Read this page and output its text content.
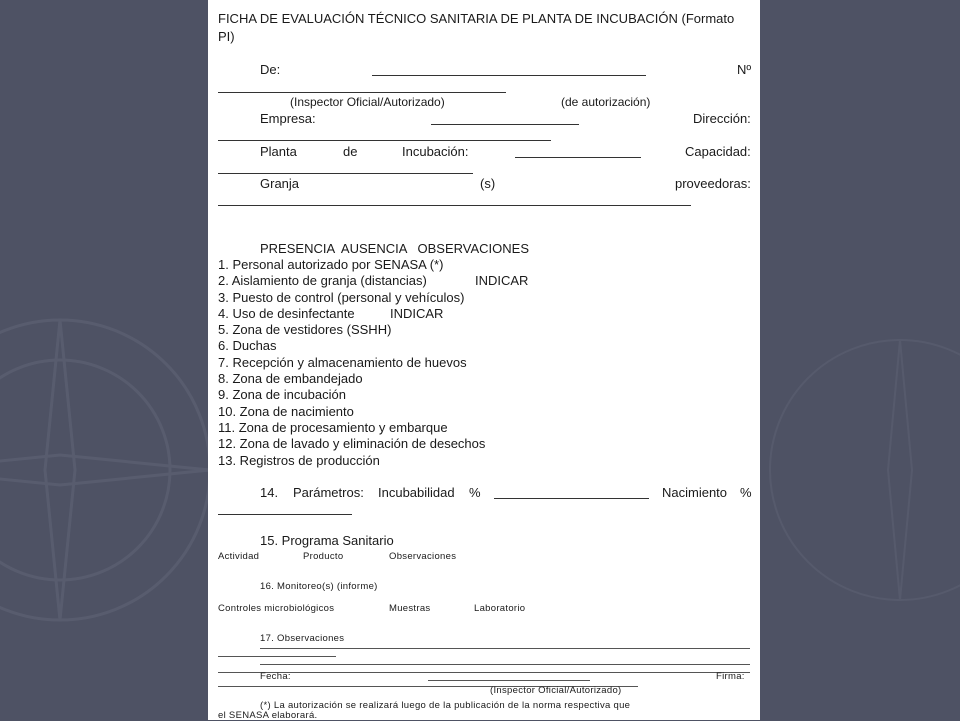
FICHA DE EVALUACIÓN TÉCNICO SANITARIA DE PLANTA DE INCUBACIÓN (Formato
PI)
De:	Nº
(Inspector Oficial/Autorizado)	(de autorización)
Empresa:	Dirección:
Planta	de	Incubación:	Capacidad:
Granja	(s)	proveedoras:
PRESENCIA  AUSENCIA   OBSERVACIONES
1. Personal autorizado por SENASA (*)
2. Aislamiento de granja (distancias)	INDICAR
3. Puesto de control (personal y vehículos)
4. Uso de desinfectante	INDICAR
5. Zona de vestidores (SSHH)
6. Duchas
7. Recepción y almacenamiento de huevos
8. Zona de embandejado
9. Zona de incubación
10. Zona de nacimiento
11. Zona de procesamiento y embarque
12. Zona de lavado y eliminación de desechos
13. Registros de producción
14. Parámetros: Incubabilidad %	Nacimiento %
15. Programa Sanitario
Actividad	Producto	Observaciones
16. Monitoreo(s) (informe)
Controles microbiológicos	Muestras	Laboratorio
17. Observaciones
Fecha:	Firma:
(Inspector Oficial/Autorizado)
(*) La autorización se realizará luego de la publicación de la norma respectiva que
el SENASA elaborará.
